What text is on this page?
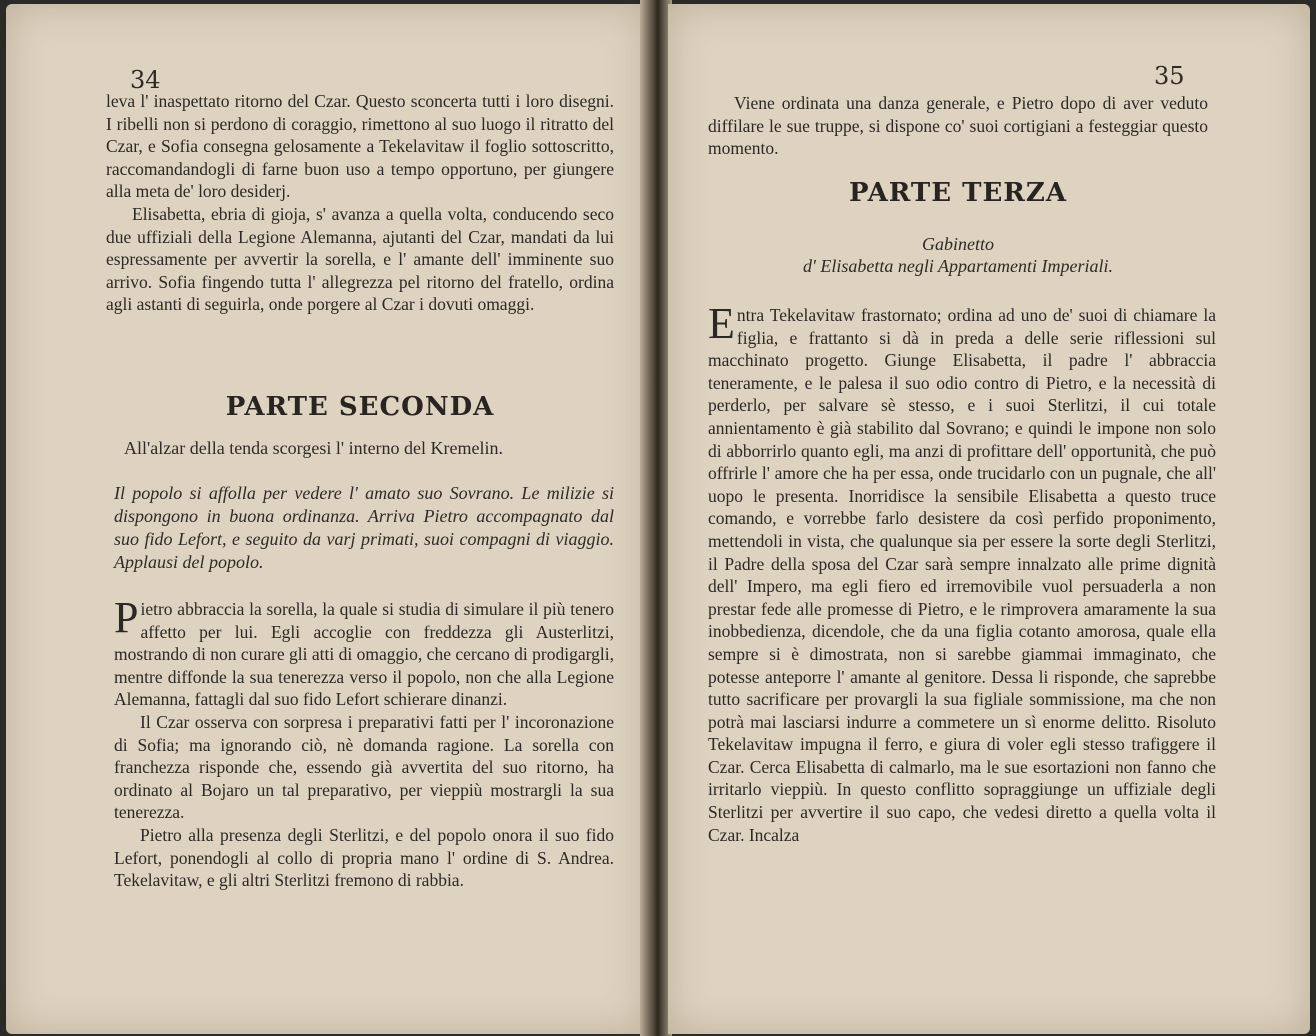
34

leva l' inaspettato ritorno del Czar. Questo sconcerta tutti i loro disegni. I ribelli non si perdono di coraggio, rimettono al suo luogo il ritratto del Czar, e Sofia consegna gelosamente a Tekelavitaw il foglio sottoscritto, raccomandandogli di farne buon uso a tempo opportuno, per giungere alla meta de' loro desiderj.

Elisabetta, ebria di gioja, s' avanza a quella volta, conducendo seco due uffiziali della Legione Alemanna, ajutanti del Czar, mandati da lui espressamente per avvertir la sorella, e l' amante dell' imminente suo arrivo. Sofia fingendo tutta l' allegrezza pel ritorno del fratello, ordina agli astanti di seguirla, onde porgere al Czar i dovuti omaggi.

PARTE SECONDA
All'alzar della tenda scorgesi l' interno del Kremelin.
Il popolo si affolla per vedere l' amato suo Sovrano. Le milizie si dispongono in buona ordinanza. Arriva Pietro accompagnato dal suo fido Lefort, e seguito da varj primati, suoi compagni di viaggio. Applausi del popolo.

Pietro abbraccia la sorella, la quale si studia di simulare il più tenero affetto per lui. Egli accoglie con freddezza gli Austerlitzi, mostrando di non curare gli atti di omaggio, che cercano di prodigargli, mentre diffonde la sua tenerezza verso il popolo, non che alla Legione Alemanna, fattagli dal suo fido Lefort schierare dinanzi.

Il Czar osserva con sorpresa i preparativi fatti per l' incoronazione di Sofia; ma ignorando ciò, nè domanda ragione. La sorella con franchezza risponde che, essendo già avvertita del suo ritorno, ha ordinato al Bojaro un tal preparativo, per vieppiù mostrargli la sua tenerezza.

Pietro alla presenza degli Sterlitzi, e del popolo onora il suo fido Lefort, ponendogli al collo di propria mano l' ordine di S. Andrea. Tekelavitaw, e gli altri Sterlitzi fremono di rabbia.

35

Viene ordinata una danza generale, e Pietro dopo di aver veduto diffilare le sue truppe, si dispone co' suoi cortigiani a festeggiar questo momento.

PARTE TERZA
Gabinetto
d' Elisabetta negli Appartamenti Imperiali.

Entra Tekelavitaw frastornato; ordina ad uno de' suoi di chiamare la figlia, e frattanto si dà in preda a delle serie riflessioni sul macchinato progetto. Giunge Elisabetta, il padre l' abbraccia teneramente, e le palesa il suo odio contro di Pietro, e la necessità di perderlo, per salvare sè stesso, e i suoi Sterlitzi, il cui totale annientamento è già stabilito dal Sovrano; e quindi le impone non solo di abborrirlo quanto egli, ma anzi di profittare dell' opportunità, che può offrirle l' amore che ha per essa, onde trucidarlo con un pugnale, che all' uopo le presenta. Inorridisce la sensibile Elisabetta a questo truce comando, e vorrebbe farlo desistere da così perfido proponimento, mettendoli in vista, che qualunque sia per essere la sorte degli Sterlitzi, il Padre della sposa del Czar sarà sempre innalzato alle prime dignità dell' Impero, ma egli fiero ed irremovibile vuol persuaderla a non prestar fede alle promesse di Pietro, e le rimprovera amaramente la sua inobbedienza, dicendole, che da una figlia cotanto amorosa, quale ella sempre si è dimostrata, non si sarebbe giammai immaginato, che potesse anteporre l' amante al genitore. Dessa li risponde, che saprebbe tutto sacrificare per provargli la sua figliale sommissione, ma che non potrà mai lasciarsi indurre a commetere un sì enorme delitto. Risoluto Tekelavitaw impugna il ferro, e giura di voler egli stesso trafiggere il Czar. Cerca Elisabetta di calmarlo, ma le sue esortazioni non fanno che irritarlo vieppiù. In questo conflitto sopraggiunge un uffiziale degli Sterlitzi per avvertire il suo capo, che vedesi diretto a quella volta il Czar. Incalza
